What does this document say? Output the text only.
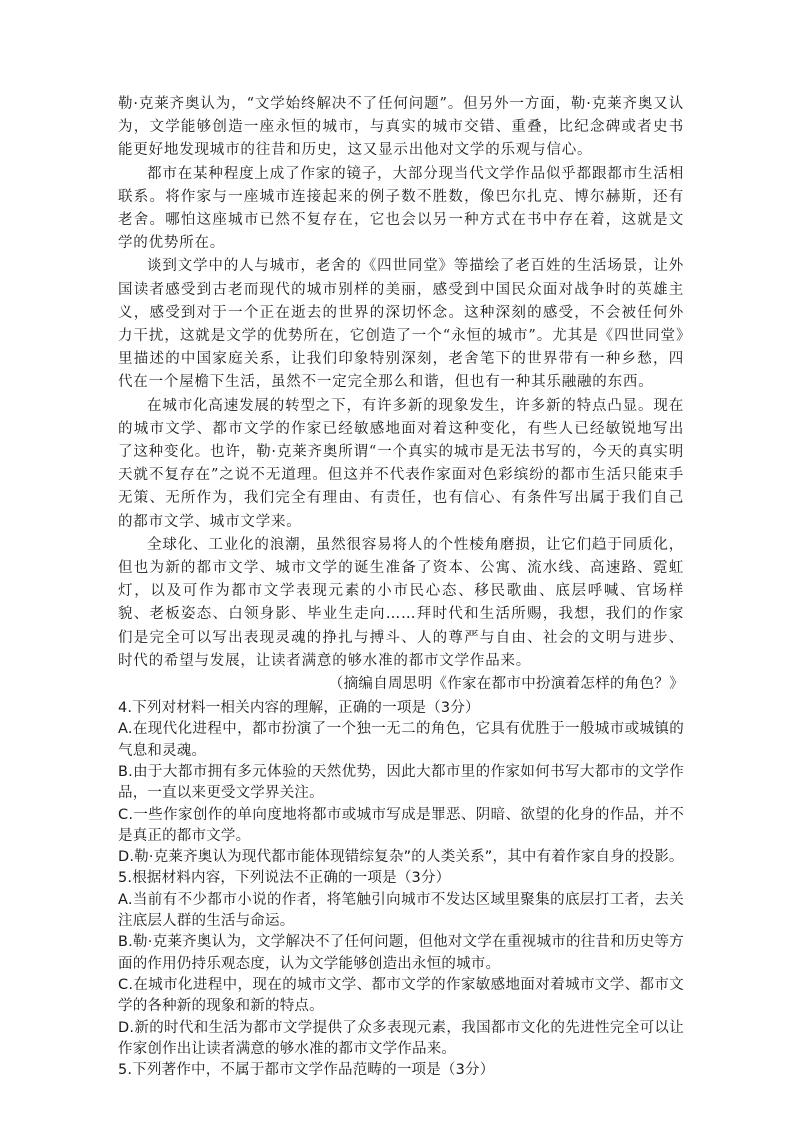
勒·克莱齐奥认为，“文学始终解决不了任何问题”。但另外一方面，勒·克莱齐奥又认为，文学能够创造一座永恒的城市，与真实的城市交错、重叠，比纪念碑或者史书能更好地发现城市的往昔和历史，这又显示出他对文学的乐观与信心。

都市在某种程度上成了作家的镜子，大部分现当代文学作品似乎都跟都市生活相联系。将作家与一座城市连接起来的例子数不胜数，像巴尔扎克、博尔赫斯，还有老舍。哪怕这座城市已然不复存在，它也会以另一种方式在书中存在着，这就是文学的优势所在。

谈到文学中的人与城市，老舍的《四世同堂》等描绘了老百姓的生活场景，让外国读者感受到古老而现代的城市别样的美丽，感受到中国民众面对战争时的英雄主义，感受到对于一个正在逝去的世界的深切怀念。这种深刻的感受，不会被任何外力干扰，这就是文学的优势所在，它创造了一个“永恒的城市”。尤其是《四世同堂》里描述的中国家庭关系，让我们印象特别深刻，老舍笔下的世界带有一种乡愁，四代在一个屋檐下生活，虽然不一定完全那么和谐，但也有一种其乐融融的东西。

在城市化高速发展的转型之下，有许多新的现象发生，许多新的特点凸显。现在的城市文学、都市文学的作家已经敏感地面对着这种变化，有些人已经敏锐地写出了这种变化。也许，勒·克莱齐奥所谓“一个真实的城市是无法书写的，今天的真实明天就不复存在”之说不无道理。但这并不代表作家面对色彩缤纷的都市生活只能束手无策、无所作为，我们完全有理由、有责任，也有信心、有条件写出属于我们自己的都市文学、城市文学来。

全球化、工业化的浪潮，虽然很容易将人的个性棱角磨损，让它们趋于同质化，但也为新的都市文学、城市文学的诞生准备了资本、公寓、流水线、高速路、霓虹灯，以及可作为都市文学表现元素的小市民心态、移民歌曲、底层呼喊、官场样貌、老板姿态、白领身影、毕业生走向……拜时代和生活所赐，我想，我们的作家们是完全可以写出表现灵魂的挣扎与搏斗、人的尊严与自由、社会的文明与进步、时代的希望与发展，让读者满意的够水准的都市文学作品来。

（摘编自周思明《作家在都市中扮演着怎样的角色？》

4.下列对材料一相关内容的理解，正确的一项是（3分）

A.在现代化进程中，都市扮演了一个独一无二的角色，它具有优胜于一般城市或城镇的气息和灵魂。

B.由于大都市拥有多元体验的天然优势，因此大都市里的作家如何书写大都市的文学作品，一直以来更受文学界关注。

C.一些作家创作的单向度地将都市或城市写成是罪恶、阴暗、欲望的化身的作品，并不是真正的都市文学。

D.勒·克莱齐奥认为现代都市能体现错综复杂”的人类关系”，其中有着作家自身的投影。

5.根据材料内容，下列说法不正确的一项是（3分）

A.当前有不少都市小说的作者，将笔触引向城市不发达区域里聚集的底层打工者，去关注底层人群的生活与命运。

B.勒·克莱齐奥认为，文学解决不了任何问题，但他对文学在重视城市的往昔和历史等方面的作用仍持乐观态度，认为文学能够创造出永恒的城市。

C.在城市化进程中，现在的城市文学、都市文学的作家敏感地面对着城市文学、都市文学的各种新的现象和新的特点。

D.新的时代和生活为都市文学提供了众多表现元素，我国都市文化的先进性完全可以让作家创作出让读者满意的够水准的都市文学作品来。

5.下列著作中，不属于都市文学作品范畴的一项是（3分）
